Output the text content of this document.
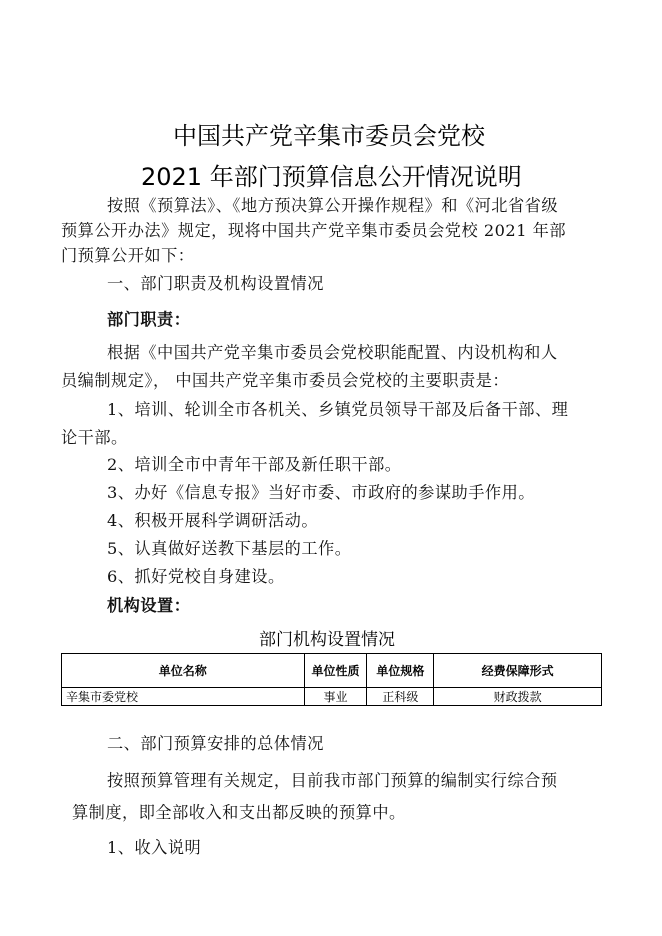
中国共产党辛集市委员会党校

2021 年部门预算信息公开情况说明

按照《预算法》、《地方预决算公开操作规程》和《河北省省级

预算公开办法》规定，现将中国共产党辛集市委员会党校 2021 年部

门预算公开如下：

一、部门职责及机构设置情况

部门职责：

根据《中国共产党辛集市委员会党校职能配置、内设机构和人

员编制规定》， 中国共产党辛集市委员会党校的主要职责是：

1、培训、轮训全市各机关、乡镇党员领导干部及后备干部、理

论干部。

2、培训全市中青年干部及新任职干部。

3、办好《信息专报》当好市委、市政府的参谋助手作用。

4、积极开展科学调研活动。

5、认真做好送教下基层的工作。

6、抓好党校自身建设。

机构设置：

部门机构设置情况

单位名称	单位性质	单位规格	经费保障形式
辛集市委党校	事业	正科级	财政拨款

二、部门预算安排的总体情况

按照预算管理有关规定，目前我市部门预算的编制实行综合预

算制度，即全部收入和支出都反映的预算中。

1、收入说明
